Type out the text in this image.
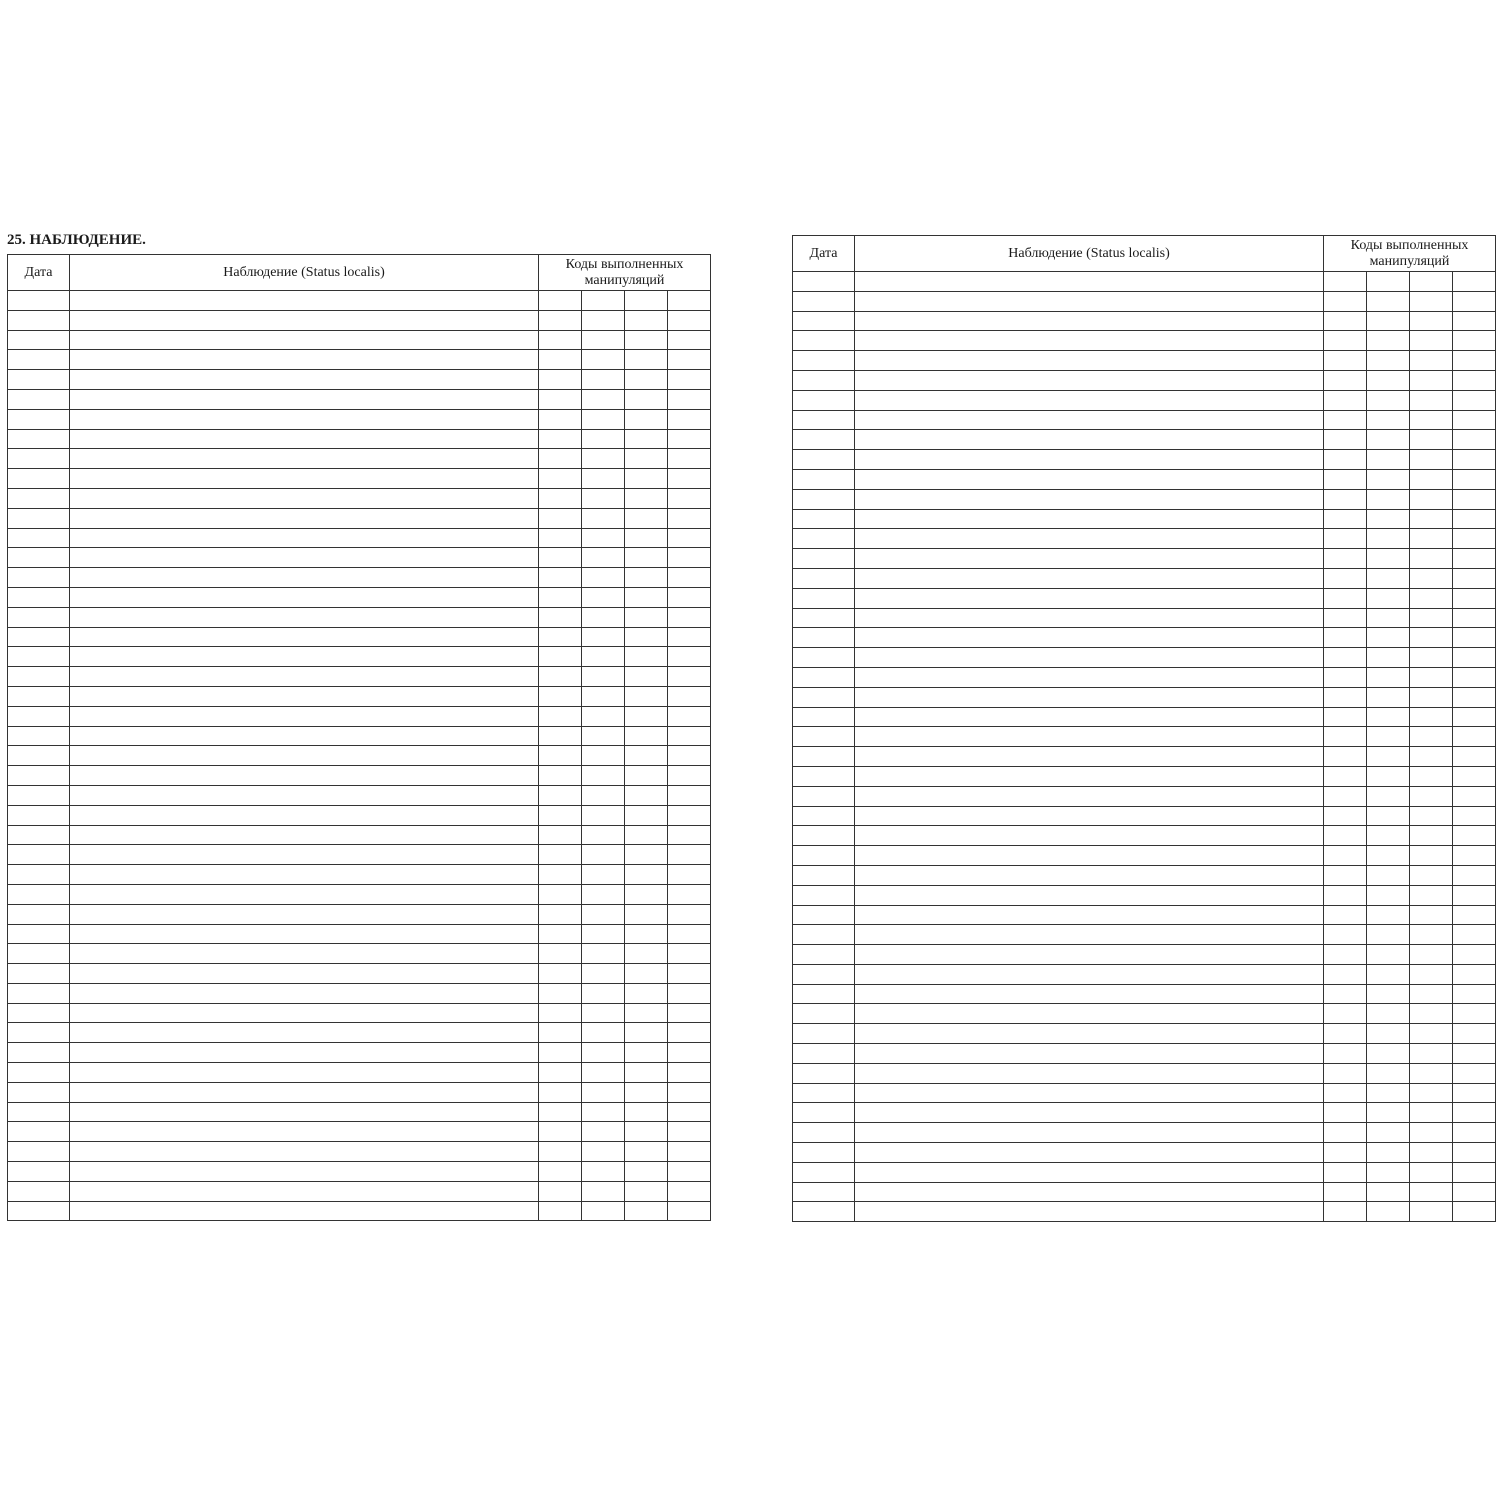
25. НАБЛЮДЕНИЕ.
Дата	Наблюдение (Status localis)	Коды выполненных манипуляций			

Дата	Наблюдение (Status localis)	Коды выполненных манипуляций			
